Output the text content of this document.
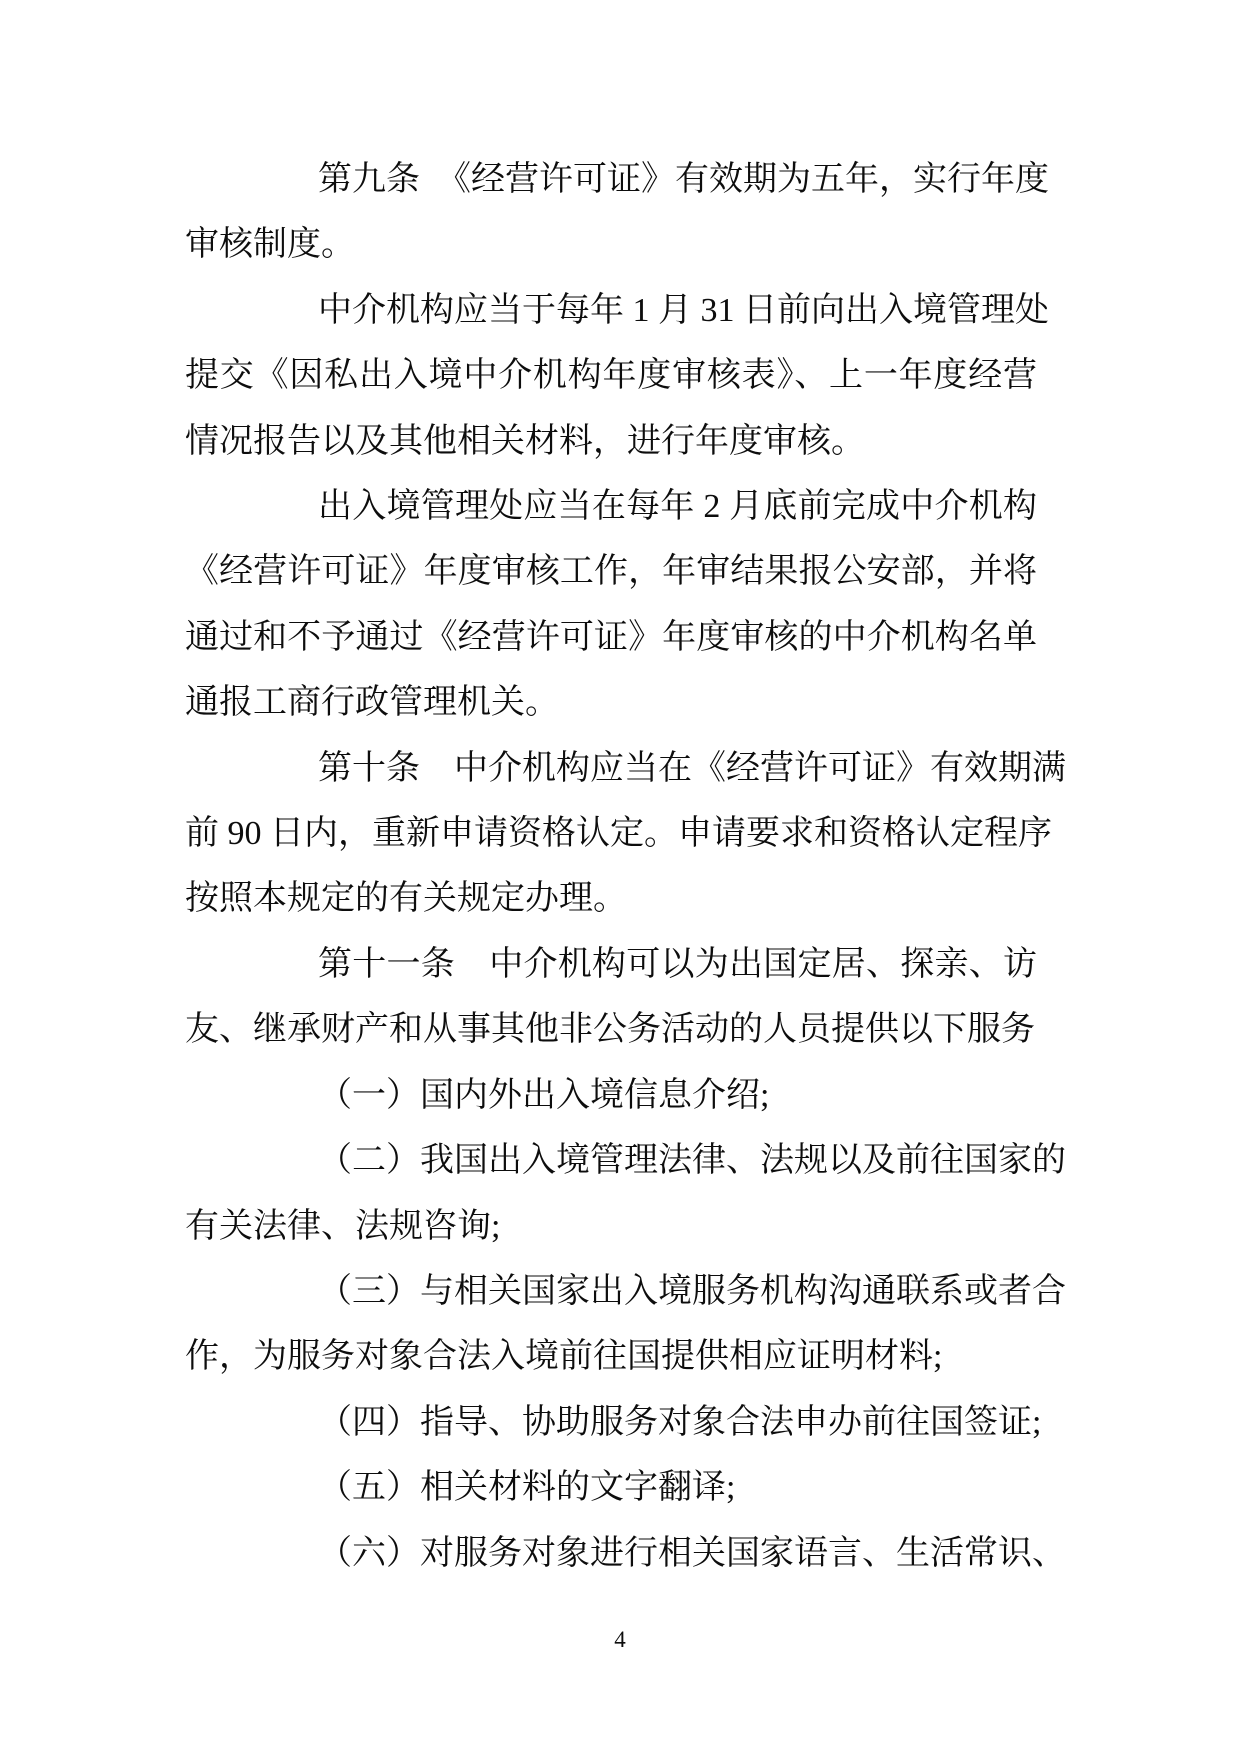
第九条　《经营许可证》有效期为五年，实行年度
审核制度。
中介机构应当于每年 1 月 31 日前向出入境管理处
提交《因私出入境中介机构年度审核表》、上一年度经营
情况报告以及其他相关材料，进行年度审核。
出入境管理处应当在每年 2 月底前完成中介机构
《经营许可证》年度审核工作，年审结果报公安部，并将
通过和不予通过《经营许可证》年度审核的中介机构名单
通报工商行政管理机关。
第十条　中介机构应当在《经营许可证》有效期满
前 90 日内，重新申请资格认定。申请要求和资格认定程序
按照本规定的有关规定办理。
第十一条　中介机构可以为出国定居、探亲、访
友、继承财产和从事其他非公务活动的人员提供以下服务
（一）国内外出入境信息介绍;
（二）我国出入境管理法律、法规以及前往国家的
有关法律、法规咨询;
（三）与相关国家出入境服务机构沟通联系或者合
作，为服务对象合法入境前往国提供相应证明材料;
（四）指导、协助服务对象合法申办前往国签证;
（五）相关材料的文字翻译;
（六）对服务对象进行相关国家语言、生活常识、
4
